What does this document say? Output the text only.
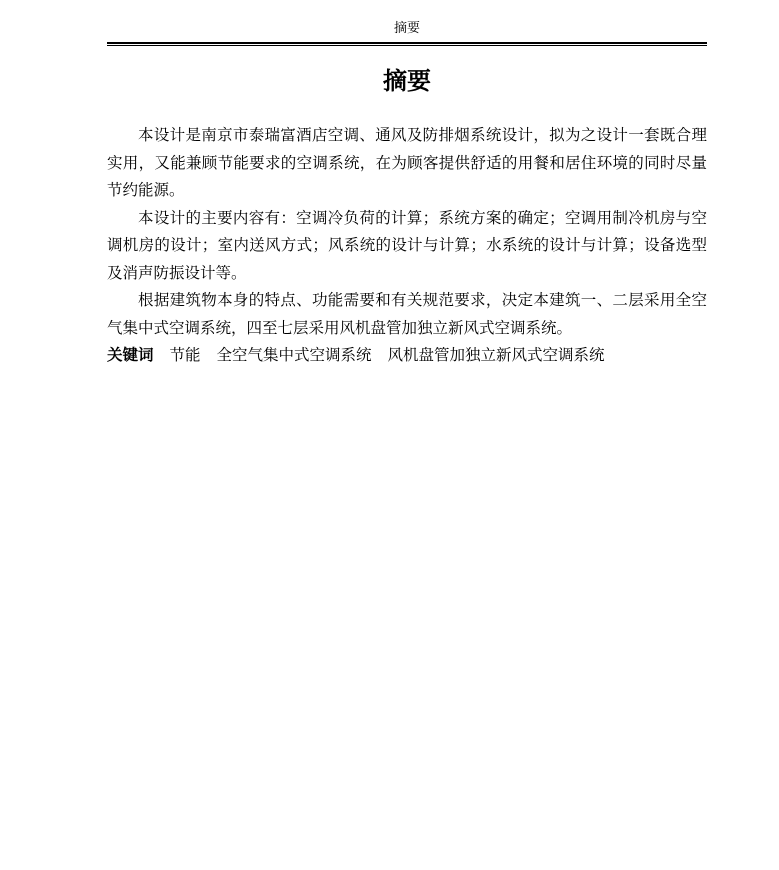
摘要
摘要

本设计是南京市泰瑞富酒店空调、通风及防排烟系统设计，拟为之设计一套既合理实用，又能兼顾节能要求的空调系统，在为顾客提供舒适的用餐和居住环境的同时尽量节约能源。

本设计的主要内容有：空调冷负荷的计算；系统方案的确定；空调用制冷机房与空调机房的设计；室内送风方式；风系统的设计与计算；水系统的设计与计算；设备选型及消声防振设计等。

根据建筑物本身的特点、功能需要和有关规范要求，决定本建筑一、二层采用全空气集中式空调系统，四至七层采用风机盘管加独立新风式空调系统。

关键词 节能 全空气集中式空调系统 风机盘管加独立新风式空调系统
